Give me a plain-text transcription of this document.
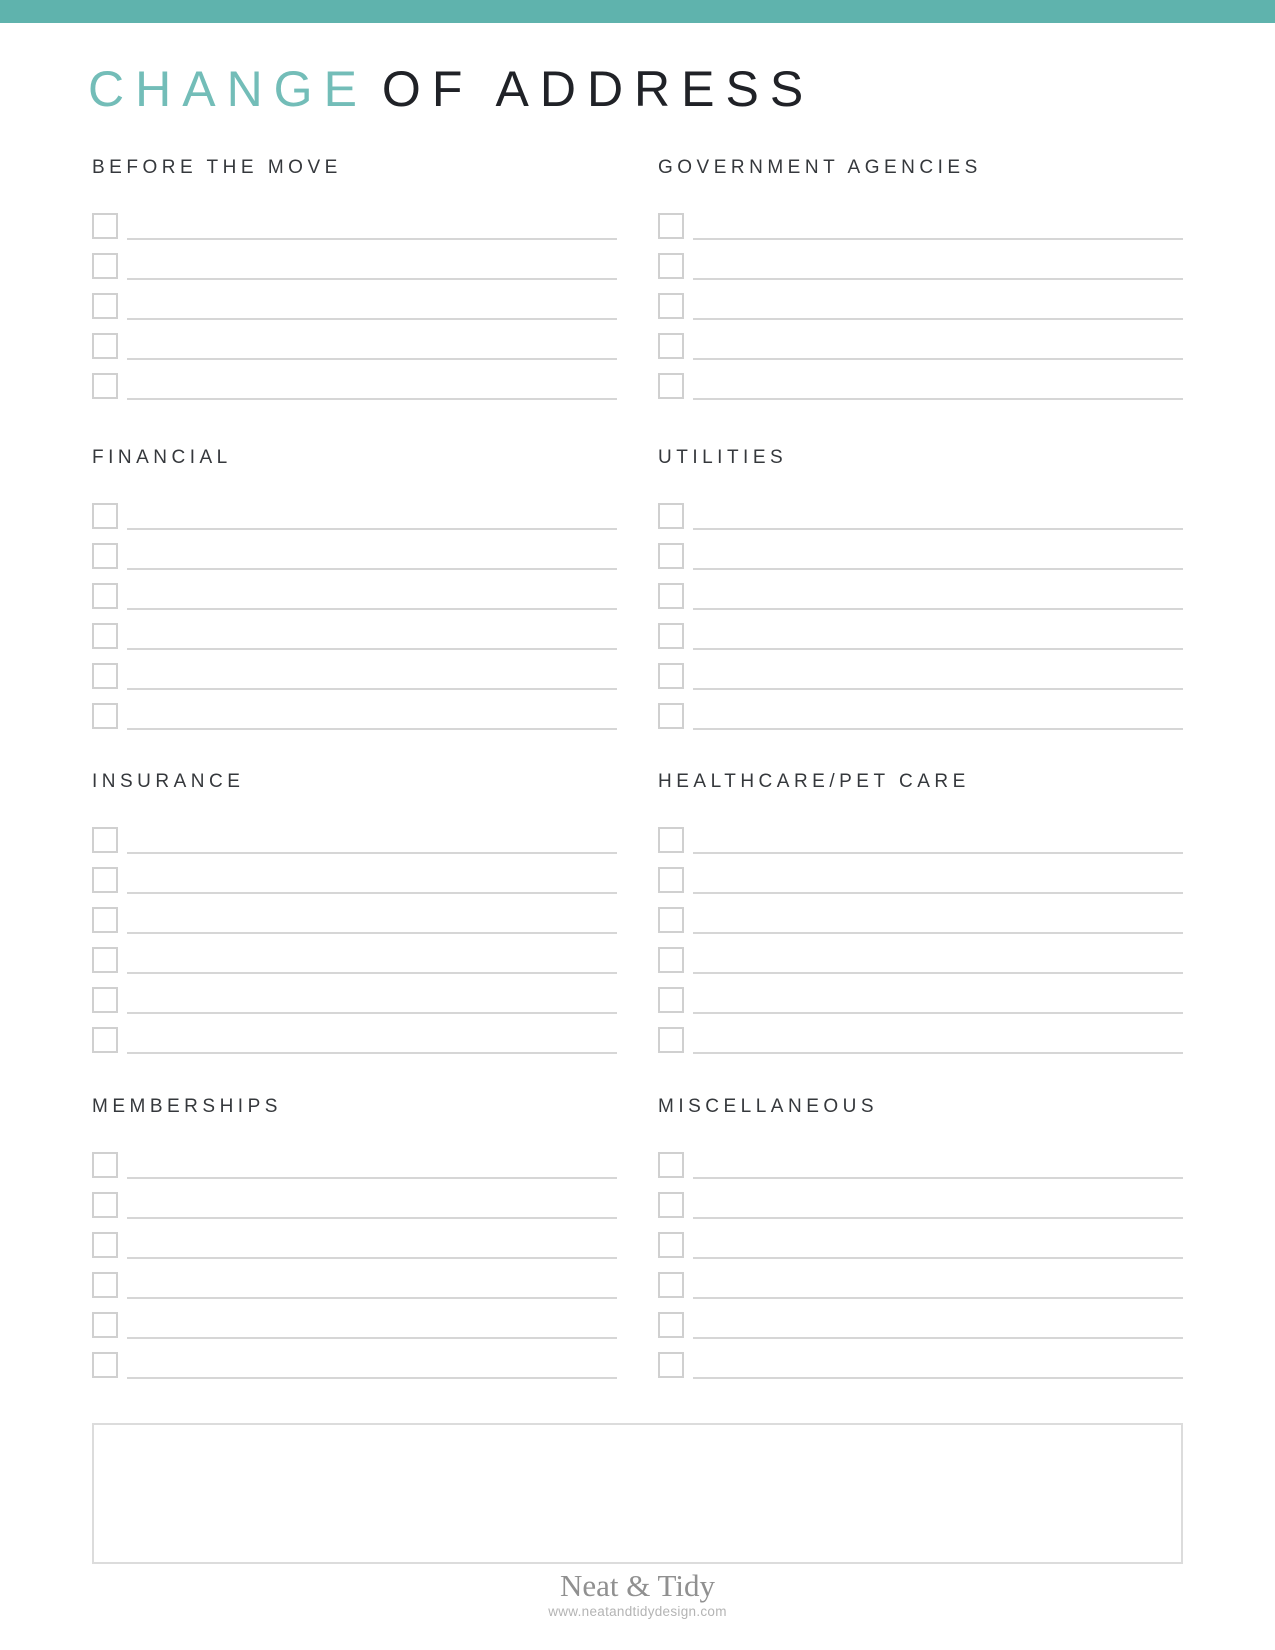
CHANGE OF ADDRESS
BEFORE THE MOVE	GOVERNMENT AGENCIES
FINANCIAL	UTILITIES
INSURANCE	HEALTHCARE/PET CARE
MEMBERSHIPS	MISCELLANEOUS
Neat & Tidy
www.neatandtidydesign.com
